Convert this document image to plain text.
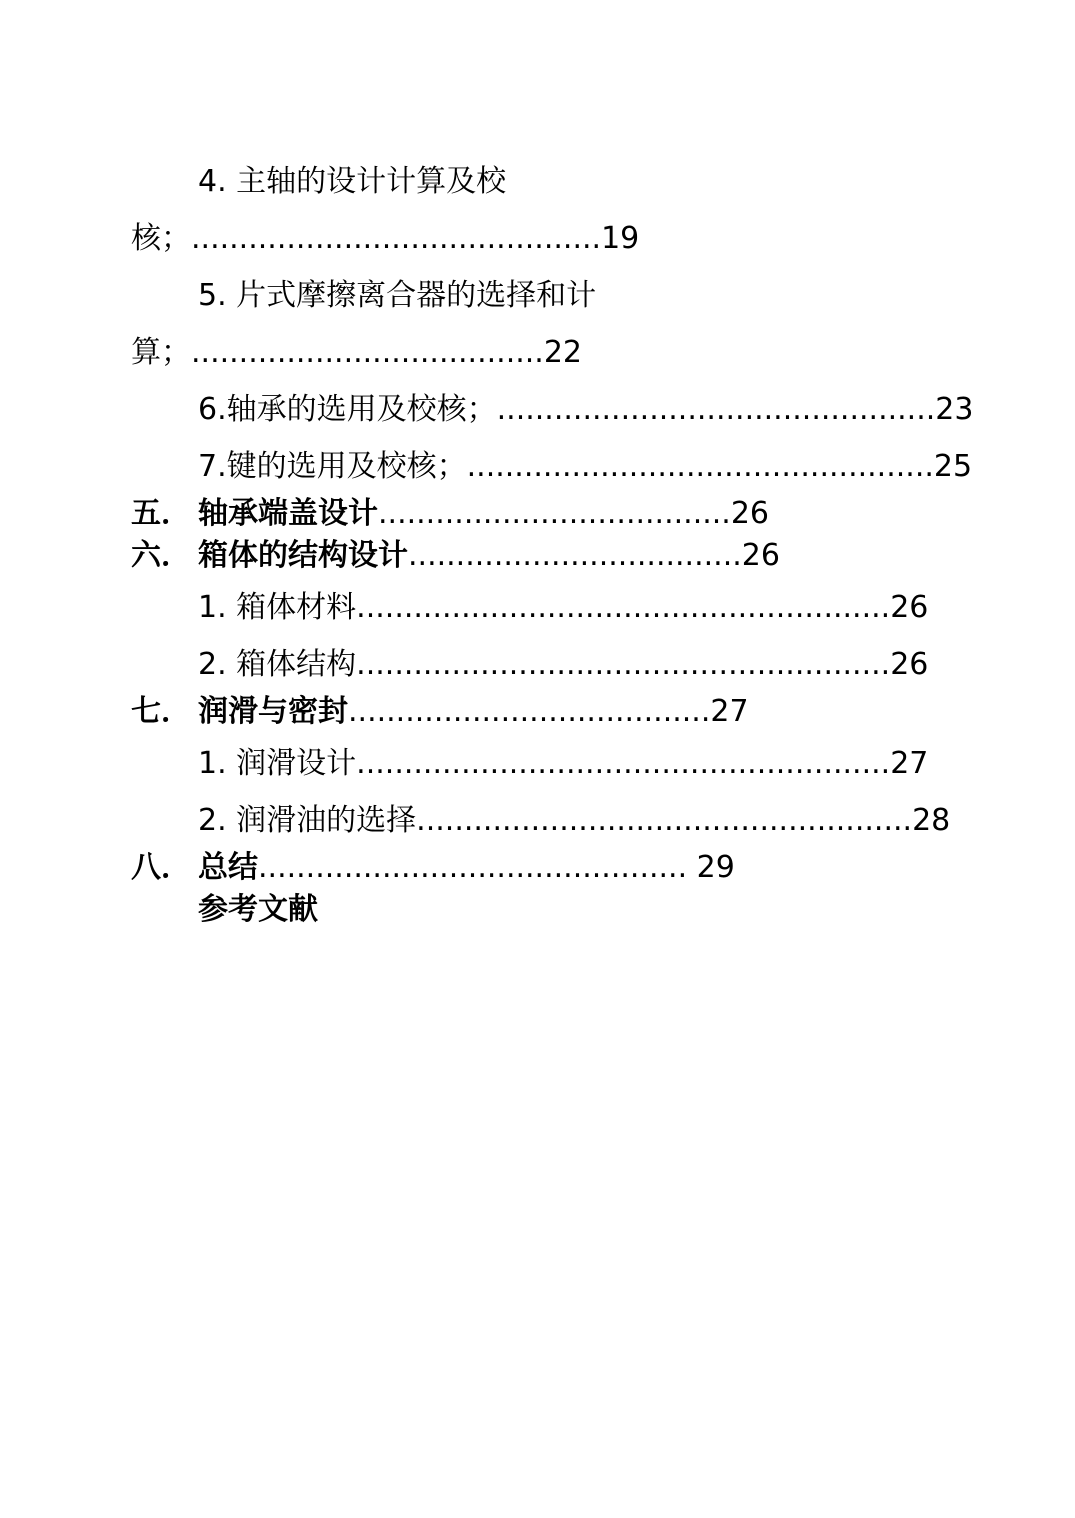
4. 主轴的设计计算及校
核；...........................................19
5. 片式摩擦离合器的选择和计
算；.....................................22
6.轴承的选用及校核；..............................................23
7.键的选用及校核；.................................................25
五． 轴承端盖设计.....................................26
六． 箱体的结构设计...................................26
1. 箱体材料........................................................26
2. 箱体结构........................................................26
七． 润滑与密封......................................27
1. 润滑设计........................................................27
2. 润滑油的选择....................................................28
八． 总结............................................. 29
参考文献
